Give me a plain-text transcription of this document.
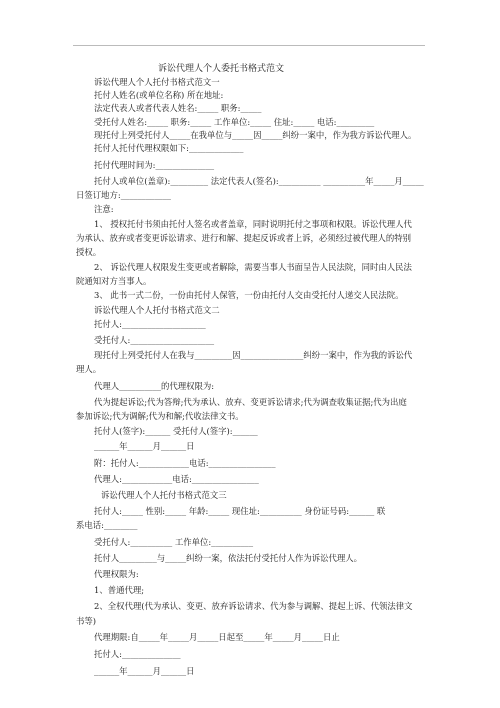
诉讼代理人个人委托书格式范文
诉讼代理人个人托付书格式范文一
托付人姓名(或单位名称) 所在地址:
法定代表人或者代表人姓名:_____ 职务:_____
受托付人姓名:_____ 职务:_____ 工作单位:_____ 住址:_____ 电话:_________
现托付上列受托付人_____在我单位与_____因_____纠纷一案中，作为我方诉讼代理人。
托付人托付代理权限如下:_____________
托付代理时间为:______________
托付人或单位(盖章):_________ 法定代表人(签名):__________ __________年_____月_____
日签订地方:____________
注意:
1、 授权托付书须由托付人签名或者盖章，同时说明托付之事项和权限。诉讼代理人代
为承认、放弃或者变更诉讼请求、进行和解、提起反诉或者上诉，必须经过被代理人的特别
授权。
2、 诉讼代理人权限发生变更或者解除，需要当事人书面呈告人民法院，同时由人民法
院通知对方当事人。
3、 此书一式二份，一份由托付人保管，一份由托付人交由受托付人递交人民法院。
诉讼代理人个人托付书格式范文二
托付人:____________________
受托付人:____________________
现托付上列受托付人在我与_________因_______________纠纷一案中，作为我的诉讼代
理人。
代理人__________的代理权限为:
代为提起诉讼;代为答辩;代为承认、放弃、变更诉讼请求;代为调查收集证据;代为出庭
参加诉讼;代为调解;代为和解;代收法律文书。
托付人(签字):______ 受托付人(签字):______
______年______月______日
附：托付人:____________电话:________________
代理人:____________电话:________________
诉讼代理人个人托付书格式范文三
托付人:_____ 性别:_____ 年龄:_____ 现住址:__________ 身份证号码:______ 联
系电话:________
受托付人:__________ 工作单位:__________
托付人_________与_____纠纷一案，依法托付受托付人作为诉讼代理人。
代理权限为:
1、普通代理;
2、全权代理(代为承认、变更、放弃诉讼请求、代为参与调解、提起上诉、代领法律文
书等)
代理期限:自_____年_____月_____日起至_____年_____月_____日止
托付人:______________
______年______月______日
